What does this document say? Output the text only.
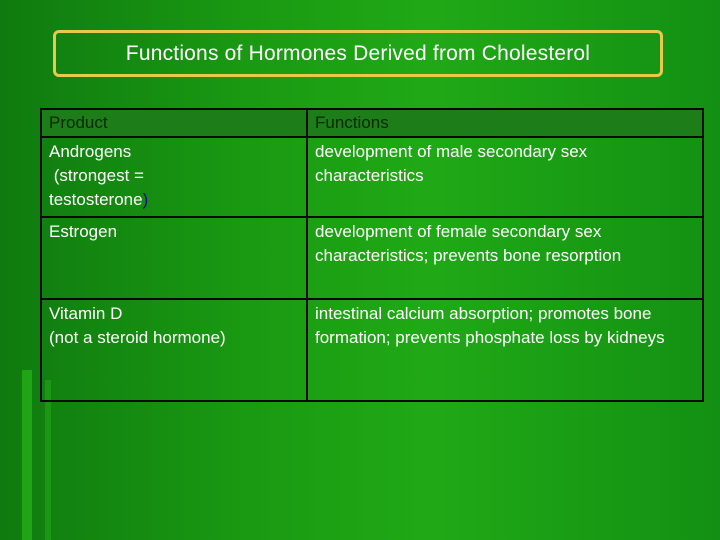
Functions of Hormones Derived from Cholesterol
Product	Functions

Androgens
(strongest =
testosterone)	development of male secondary sex characteristics
Estrogen	development of female secondary sex characteristics; prevents bone resorption

Vitamin D
(not a steroid hormone)	intestinal calcium absorption; promotes bone formation; prevents phosphate loss by kidneys
